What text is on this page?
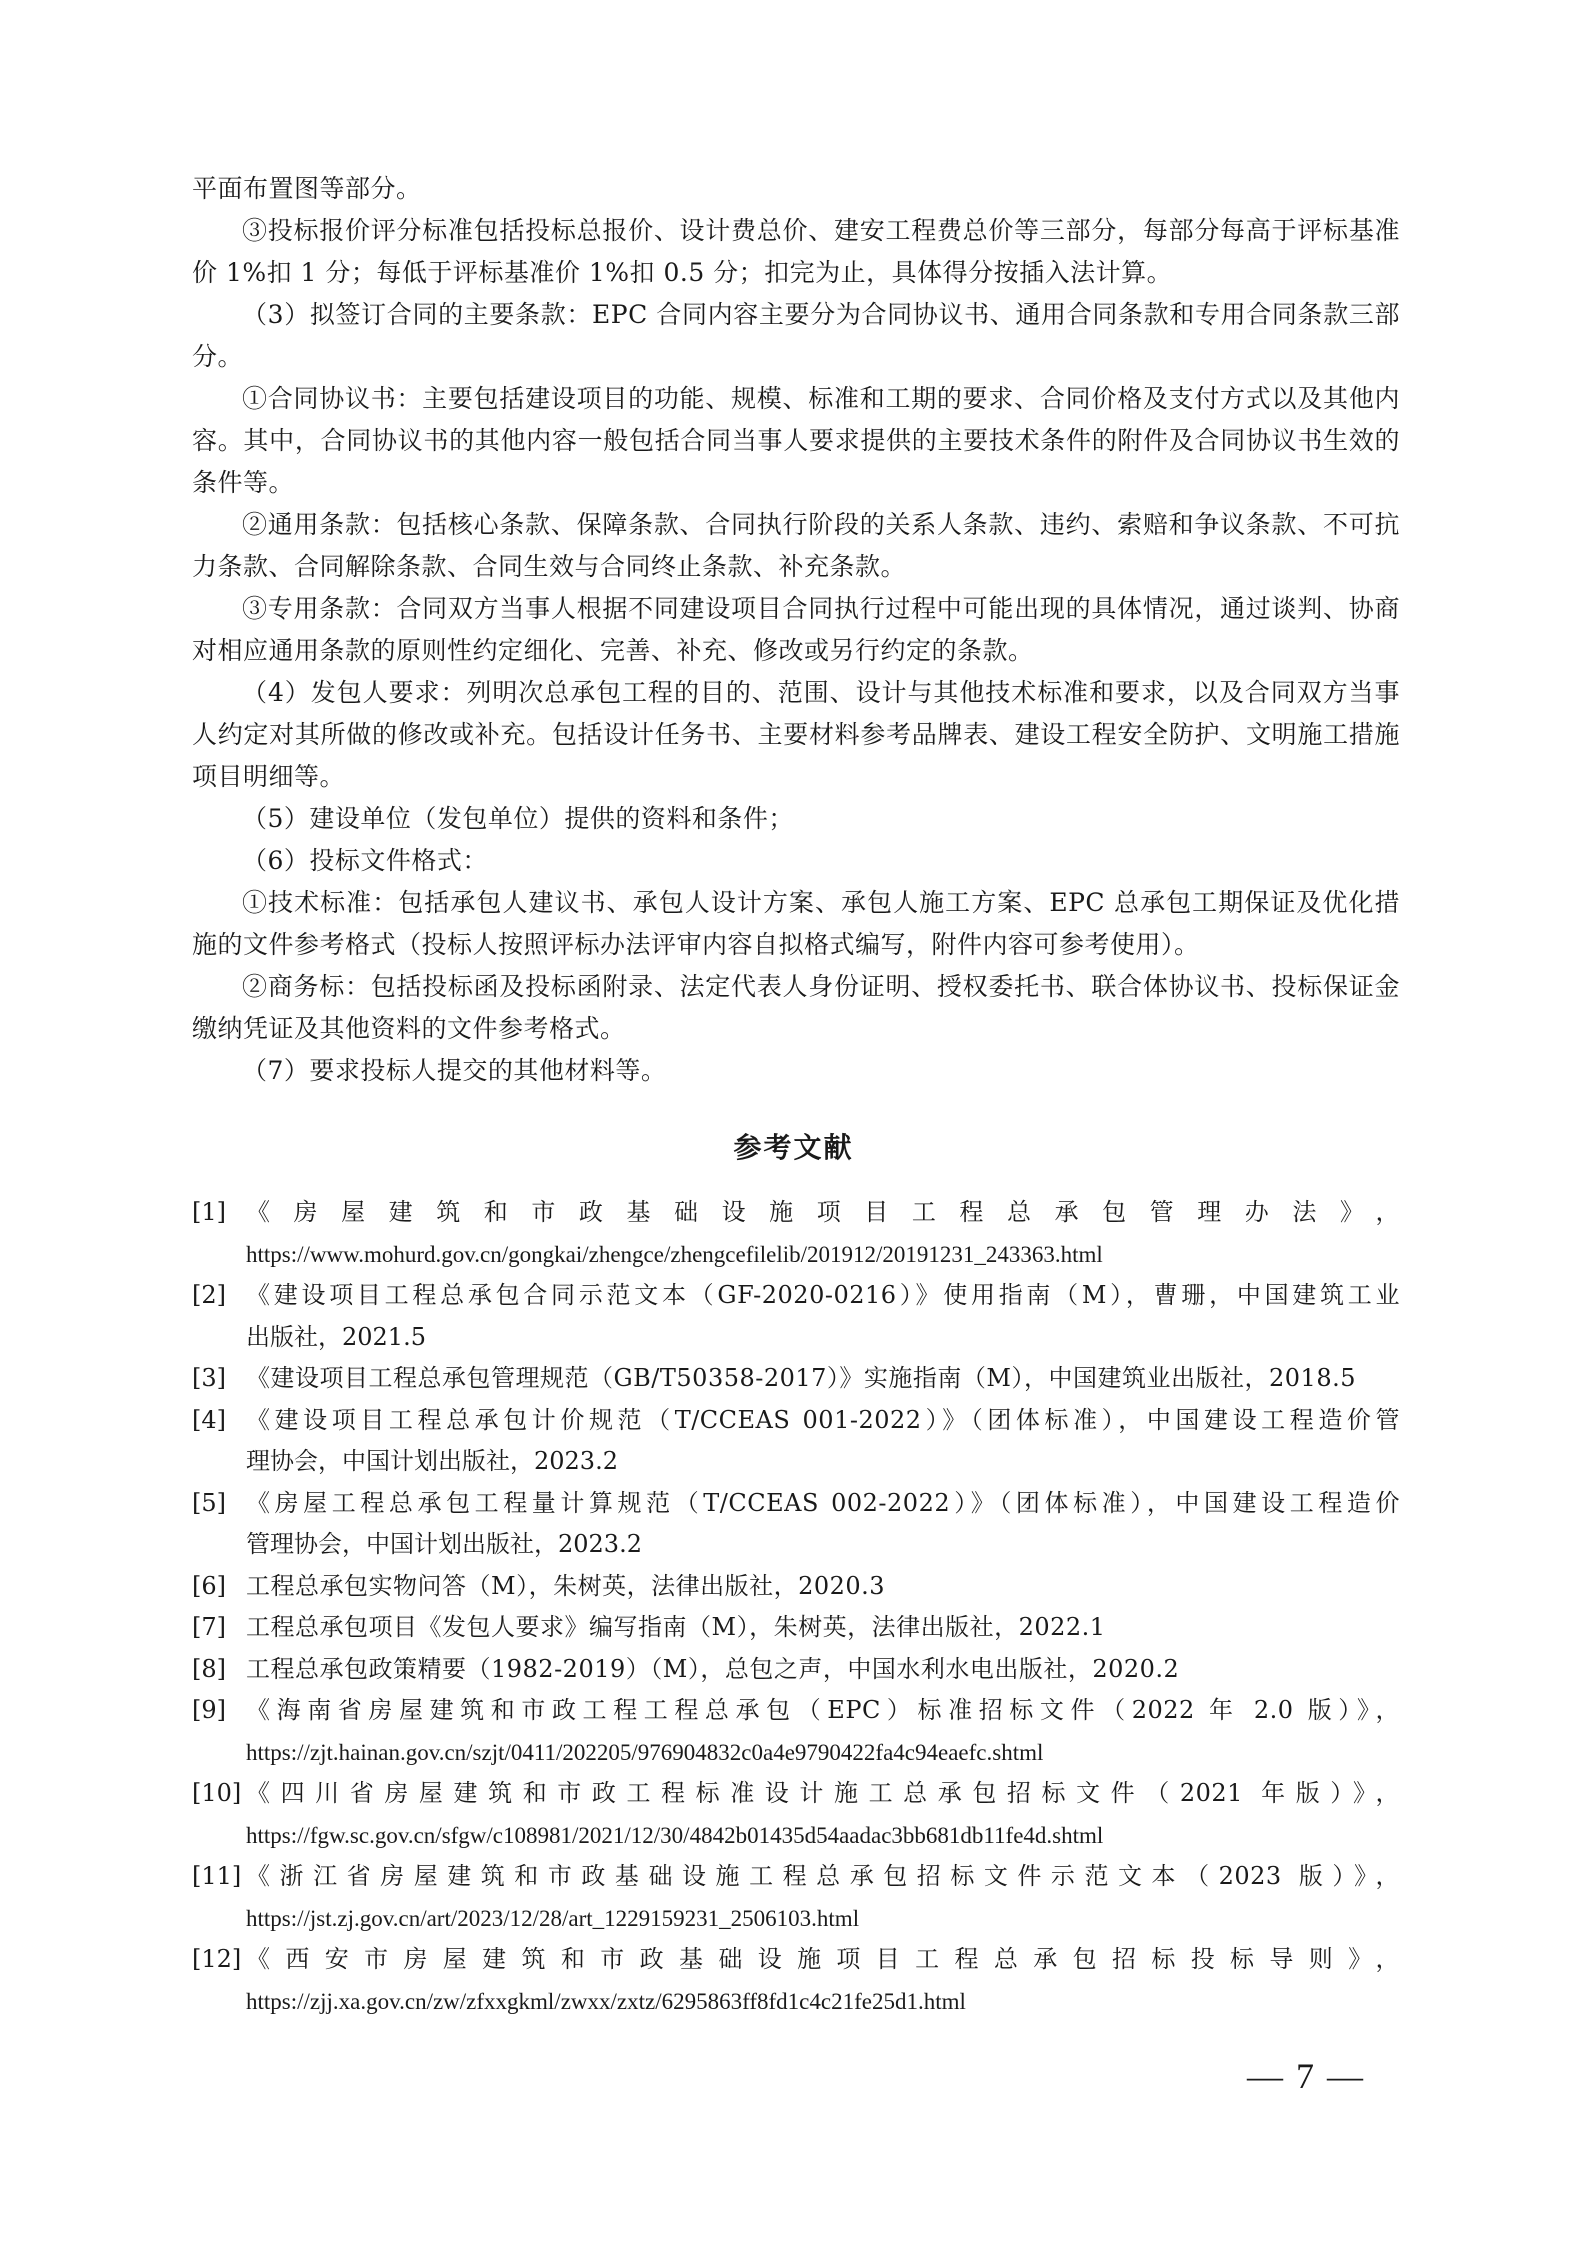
平面布置图等部分。

③投标报价评分标准包括投标总报价、设计费总价、建安工程费总价等三部分，每部分每高于评标基准价 1%扣 1 分；每低于评标基准价 1%扣 0.5 分；扣完为止，具体得分按插入法计算。

（3）拟签订合同的主要条款：EPC 合同内容主要分为合同协议书、通用合同条款和专用合同条款三部分。

①合同协议书：主要包括建设项目的功能、规模、标准和工期的要求、合同价格及支付方式以及其他内容。其中，合同协议书的其他内容一般包括合同当事人要求提供的主要技术条件的附件及合同协议书生效的条件等。

②通用条款：包括核心条款、保障条款、合同执行阶段的关系人条款、违约、索赔和争议条款、不可抗力条款、合同解除条款、合同生效与合同终止条款、补充条款。

③专用条款：合同双方当事人根据不同建设项目合同执行过程中可能出现的具体情况，通过谈判、协商对相应通用条款的原则性约定细化、完善、补充、修改或另行约定的条款。

（4）发包人要求：列明次总承包工程的目的、范围、设计与其他技术标准和要求，以及合同双方当事人约定对其所做的修改或补充。包括设计任务书、主要材料参考品牌表、建设工程安全防护、文明施工措施项目明细等。

（5）建设单位（发包单位）提供的资料和条件；

（6）投标文件格式：

①技术标准：包括承包人建议书、承包人设计方案、承包人施工方案、EPC 总承包工期保证及优化措施的文件参考格式（投标人按照评标办法评审内容自拟格式编写，附件内容可参考使用）。

②商务标：包括投标函及投标函附录、法定代表人身份证明、授权委托书、联合体协议书、投标保证金缴纳凭证及其他资料的文件参考格式。

（7）要求投标人提交的其他材料等。

参考文献
[1] 《房屋建筑和市政基础设施项目工程总承包管理办法》，
https://www.mohurd.gov.cn/gongkai/zhengce/zhengcefilelib/201912/20191231_243363.html
[2] 《建设项目工程总承包合同示范文本（GF-2020-0216）》使用指南（M），曹珊，中国建筑工业
出版社，2021.5
[3] 《建设项目工程总承包管理规范（GB/T50358-2017）》实施指南（M），中国建筑业出版社，2018.5
[4] 《建设项目工程总承包计价规范（T/CCEAS 001-2022）》（团体标准），中国建设工程造价管
理协会，中国计划出版社，2023.2
[5] 《房屋工程总承包工程量计算规范（T/CCEAS 002-2022）》（团体标准），中国建设工程造价
管理协会，中国计划出版社，2023.2
[6] 工程总承包实物问答（M），朱树英，法律出版社，2020.3
[7] 工程总承包项目《发包人要求》编写指南（M），朱树英，法律出版社，2022.1
[8] 工程总承包政策精要（1982-2019）（M），总包之声，中国水利水电出版社，2020.2
[9] 《海南省房屋建筑和市政工程工程总承包（EPC）标准招标文件（2022 年 2.0 版）》，
https://zjt.hainan.gov.cn/szjt/0411/202205/976904832c0a4e9790422fa4c94eaefc.shtml
[10] 《四川省房屋建筑和市政工程标准设计施工总承包招标文件（2021 年版）》，
https://fgw.sc.gov.cn/sfgw/c108981/2021/12/30/4842b01435d54aadac3bb681db11fe4d.shtml
[11] 《浙江省房屋建筑和市政基础设施工程总承包招标文件示范文本（2023 版）》，
https://jst.zj.gov.cn/art/2023/12/28/art_1229159231_2506103.html
[12] 《西安市房屋建筑和市政基础设施项目工程总承包招标投标导则》，
https://zjj.xa.gov.cn/zw/zfxxgkml/zwxx/zxtz/6295863ff8fd1c4c21fe25d1.html
— 7 —
